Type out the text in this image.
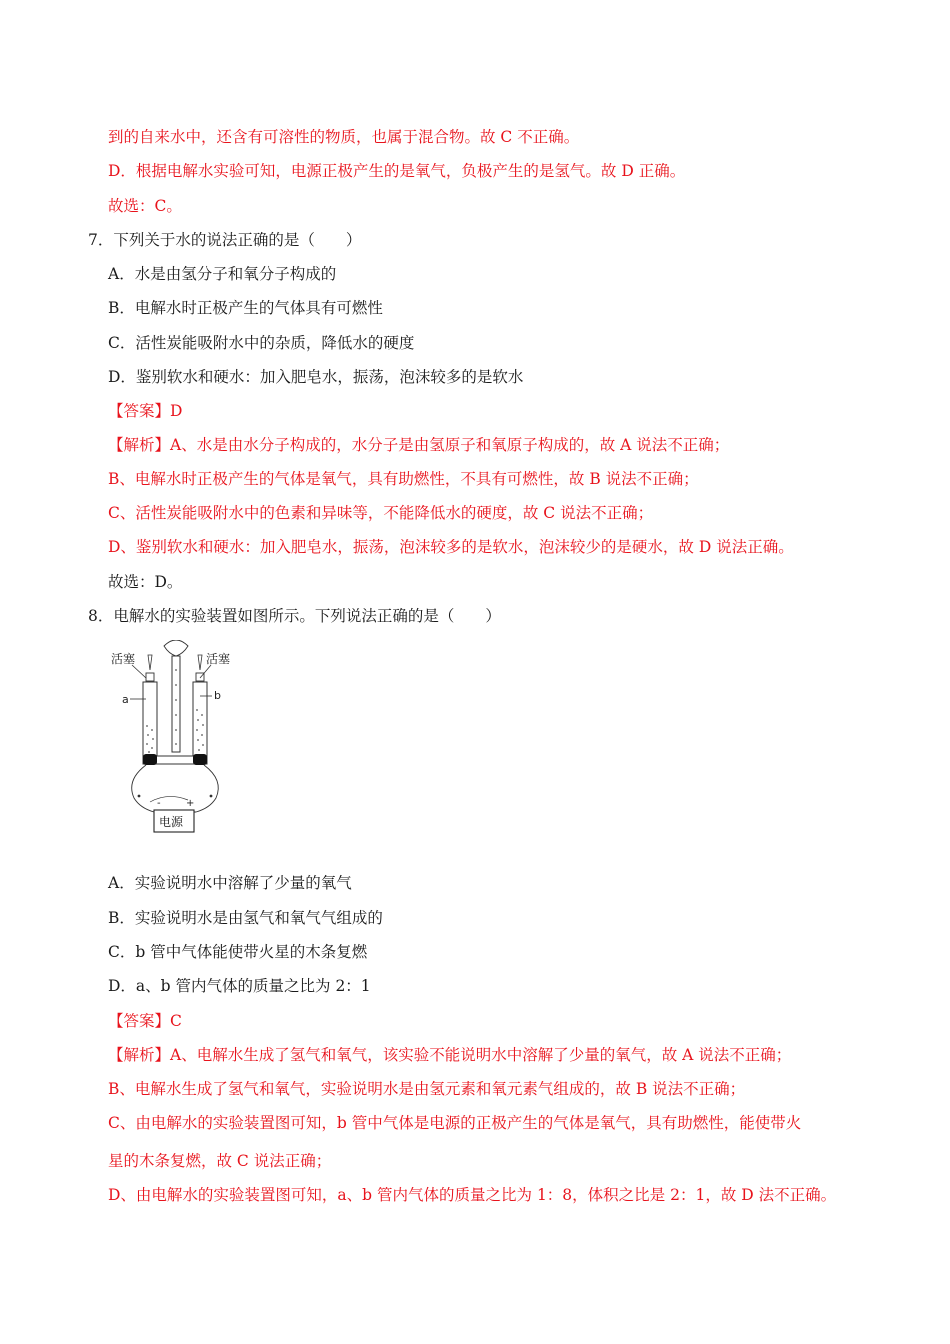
到的自来水中，还含有可溶性的物质，也属于混合物。故 C 不正确。
D．根据电解水实验可知，电源正极产生的是氧气，负极产生的是氢气。故 D 正确。
故选：C。
7．下列关于水的说法正确的是（　　）
A．水是由氢分子和氧分子构成的
B．电解水时正极产生的气体具有可燃性
C．活性炭能吸附水中的杂质，降低水的硬度
D．鉴别软水和硬水：加入肥皂水，振荡，泡沫较多的是软水
【答案】D
【解析】A、水是由水分子构成的，水分子是由氢原子和氧原子构成的，故 A 说法不正确；
B、电解水时正极产生的气体是氧气，具有助燃性，不具有可燃性，故 B 说法不正确；
C、活性炭能吸附水中的色素和异味等，不能降低水的硬度，故 C 说法不正确；
D、鉴别软水和硬水：加入肥皂水，振荡，泡沫较多的是软水，泡沫较少的是硬水，故 D 说法正确。
故选：D。
8．电解水的实验装置如图所示。下列说法正确的是（　　）
活塞	活塞
a	b
-	+
电源
A．实验说明水中溶解了少量的氧气
B．实验说明水是由氢气和氧气气组成的
C．b 管中气体能使带火星的木条复燃
D．a、b 管内气体的质量之比为 2：1
【答案】C
【解析】A、电解水生成了氢气和氧气，该实验不能说明水中溶解了少量的氧气，故 A 说法不正确；
B、电解水生成了氢气和氧气，实验说明水是由氢元素和氧元素气组成的，故 B 说法不正确；
C、由电解水的实验装置图可知，b 管中气体是电源的正极产生的气体是氧气，具有助燃性，能使带火
星的木条复燃，故 C 说法正确；
D、由电解水的实验装置图可知，a、b 管内气体的质量之比为 1：8，体积之比是 2：1，故 D 法不正确。
